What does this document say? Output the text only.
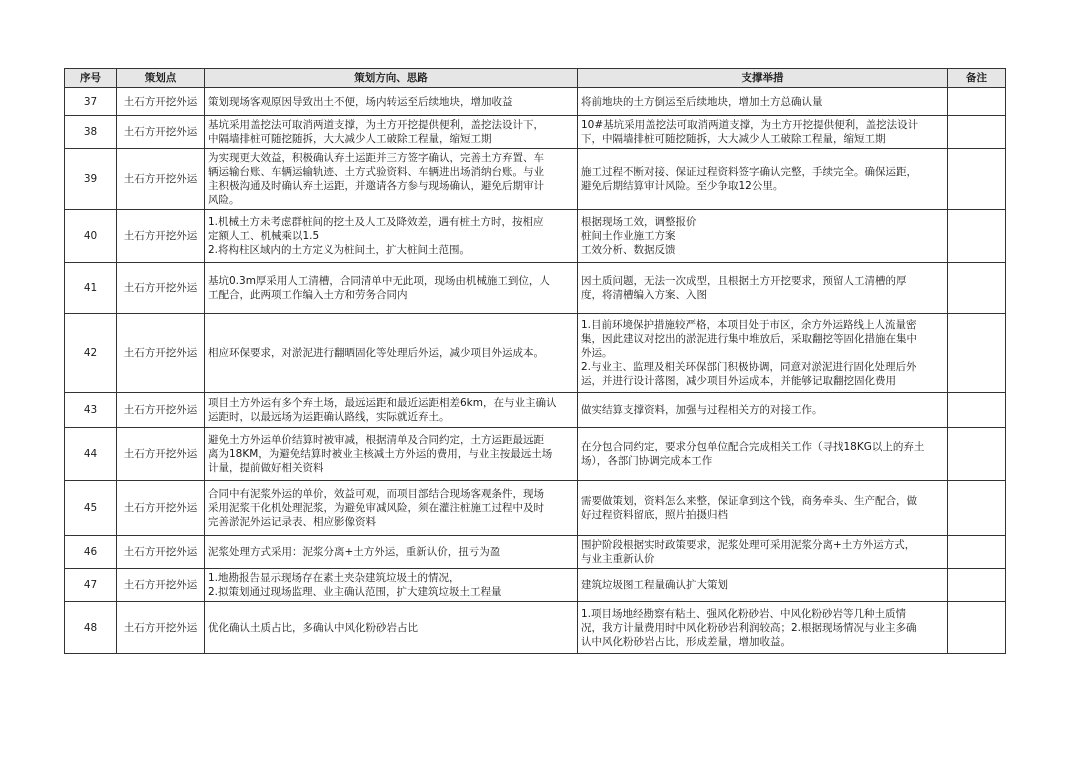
序号	策划点	策划方向、思路	支撑举措	备注
37	土石方开挖外运	策划现场客观原因导致出土不便，场内转运至后续地块，增加收益	将前地块的土方倒运至后续地块，增加土方总确认量	
38	土石方开挖外运	基坑采用盖挖法可取消两道支撑，为土方开挖提供便利，盖挖法设计下，
中隔墙排桩可随挖随拆，大大减少人工破除工程量，缩短工期	10#基坑采用盖挖法可取消两道支撑，为土方开挖提供便利，盖挖法设计
下，中隔墙排桩可随挖随拆，大大减少人工破除工程量，缩短工期	
39	土石方开挖外运	为实现更大效益，积极确认弃土运距并三方签字确认，完善土方弃置、车
辆运输台账、车辆运输轨迹、土方式验资料、车辆进出场消纳台账。与业
主积极沟通及时确认弃土运距，并邀请各方参与现场确认，避免后期审计
风险。	施工过程不断对接、保证过程资料签字确认完整，手续完全。确保运距，
避免后期结算审计风险。至少争取12公里。	
40	土石方开挖外运	1.机械土方未考虑群桩间的挖土及人工及降效差，遇有桩土方时，按相应
定额人工、机械乘以1.5
2.将构柱区域内的土方定义为桩间土，扩大桩间土范围。	根据现场工效，调整报价
桩间土作业施工方案
工效分析、数据反馈	
41	土石方开挖外运	基坑0.3m厚采用人工清槽，合同清单中无此项，现场由机械施工到位，人
工配合，此两项工作编入土方和劳务合同内	因土质问题，无法一次成型，且根据土方开挖要求，预留人工清槽的厚
度，将清槽编入方案、入图	
42	土石方开挖外运	相应环保要求，对淤泥进行翻晒固化等处理后外运，减少项目外运成本。	1.目前环境保护措施较严格，本项目处于市区，余方外运路线上人流量密
集，因此建议对挖出的淤泥进行集中堆放后，采取翻挖等固化措施在集中
外运。
2.与业主、监理及相关环保部门积极协调，同意对淤泥进行固化处理后外
运，并进行设计落图，减少项目外运成本，并能够记取翻挖固化费用	
43	土石方开挖外运	项目土方外运有多个弃土场，最远运距和最近运距相差6km，在与业主确认
运距时，以最远场为运距确认路线，实际就近弃土。	做实结算支撑资料，加强与过程相关方的对接工作。	
44	土石方开挖外运	避免土方外运单价结算时被审减，根据清单及合同约定，土方运距最远距
离为18KM，为避免结算时被业主核减土方外运的费用，与业主按最远土场
计量，提前做好相关资料	在分包合同约定，要求分包单位配合完成相关工作（寻找18KG以上的弃土
场），各部门协调完成本工作	
45	土石方开挖外运	合同中有泥浆外运的单价，效益可观，而项目部结合现场客观条件，现场
采用泥浆干化机处理泥浆，为避免审减风险，须在灌注桩施工过程中及时
完善淤泥外运记录表、相应影像资料	需要做策划，资料怎么来整，保证拿到这个钱，商务牵头、生产配合，做
好过程资料留底，照片拍摄归档	
46	土石方开挖外运	泥浆处理方式采用：泥浆分离+土方外运，重新认价，扭亏为盈	围护阶段根据实时政策要求，泥浆处理可采用泥浆分离+土方外运方式，
与业主重新认价	
47	土石方开挖外运	1.地勘报告显示现场存在素土夹杂建筑垃圾土的情况，
2.拟策划通过现场监理、业主确认范围，扩大建筑垃圾土工程量	建筑垃圾图工程量确认扩大策划	
48	土石方开挖外运	优化确认土质占比，多确认中风化粉砂岩占比	1.项目场地经勘察有粘土、强风化粉砂岩、中风化粉砂岩等几种土质情
况，我方计量费用时中风化粉砂岩利润较高；2.根据现场情况与业主多确
认中风化粉砂岩占比，形成差量，增加收益。	
